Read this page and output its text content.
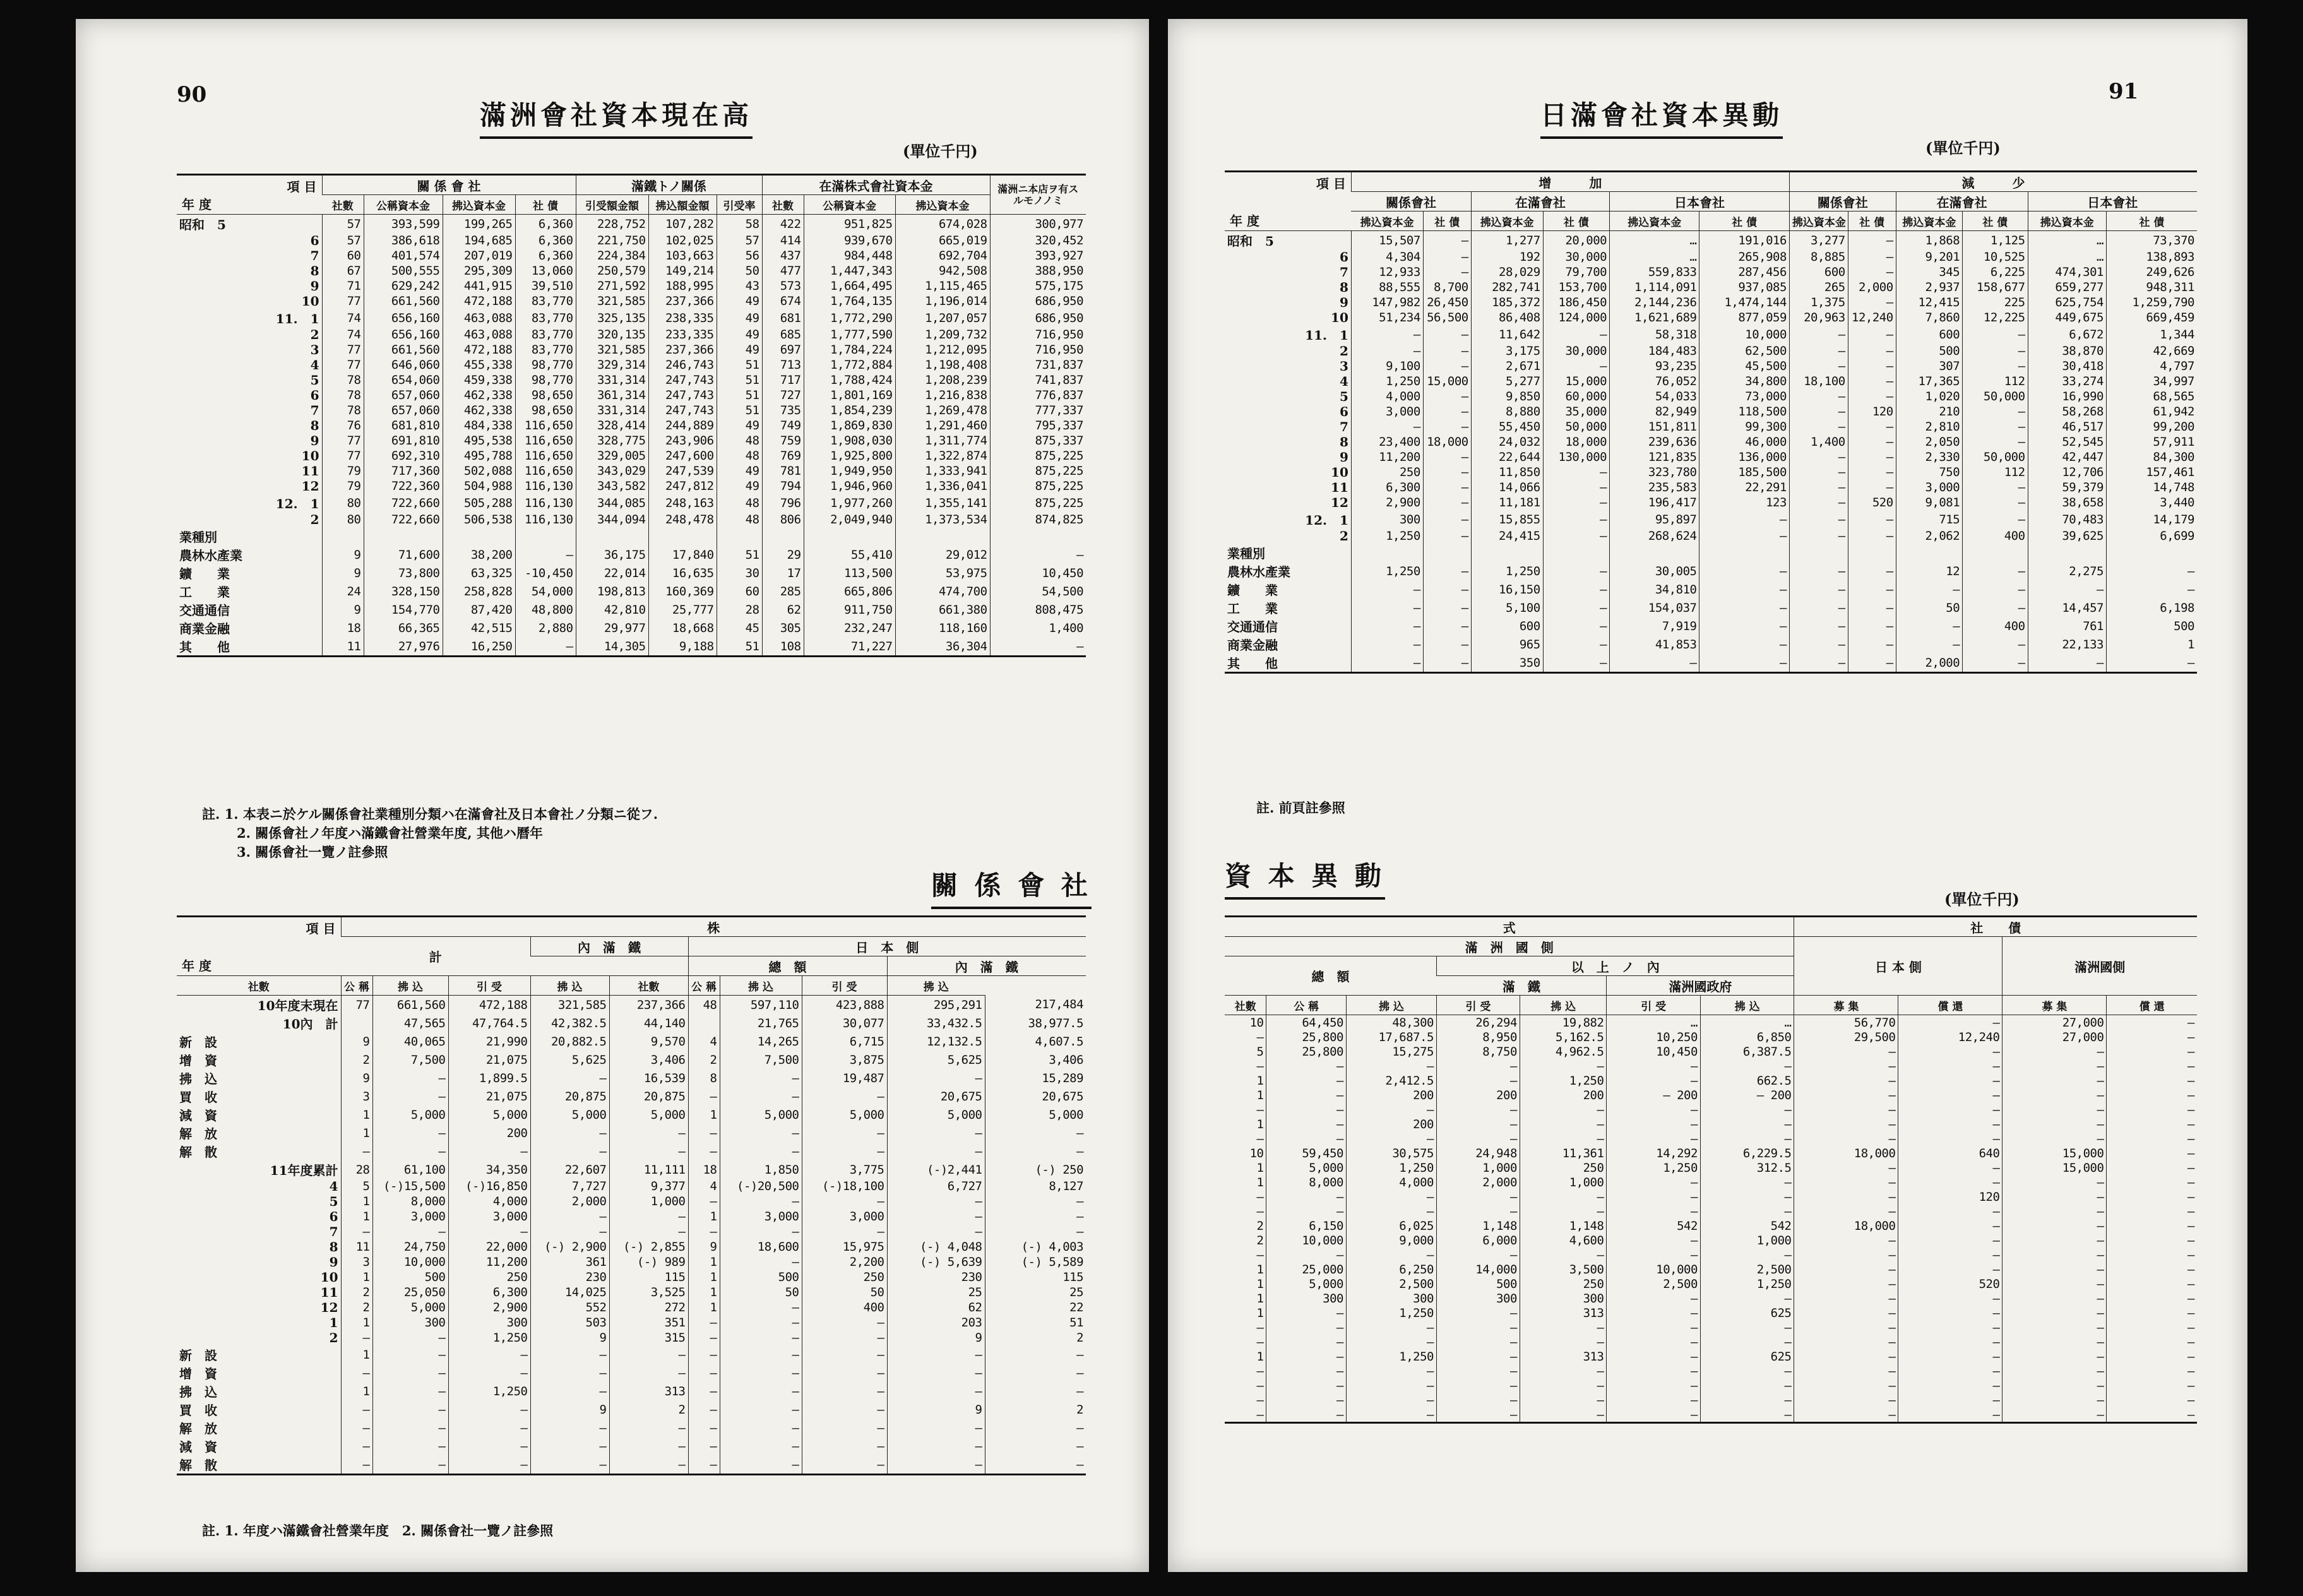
90
滿洲會社資本現在高
(單位千円)
項 目
年 度	關 係 會 社				滿鐵トノ關係			在滿株式會社資本金			滿洲ニ本店ヲ有スルモノノミ
	社數	公稱資本金	拂込資本金	社 債	引受額金額	拂込額金額	引受率	社數	公稱資本金	拂込資本金	
昭和　5	57	393,599	199,265	6,360	228,752	107,282	58	422	951,825	674,028	300,977
6	57	386,618	194,685	6,360	221,750	102,025	57	414	939,670	665,019	320,452
7	60	401,574	207,019	6,360	224,384	103,663	56	437	984,448	692,704	393,927
8	67	500,555	295,309	13,060	250,579	149,214	50	477	1,447,343	942,508	388,950
9	71	629,242	441,915	39,510	271,592	188,995	43	573	1,664,495	1,115,465	575,175
10	77	661,560	472,188	83,770	321,585	237,366	49	674	1,764,135	1,196,014	686,950
11.　1	74	656,160	463,088	83,770	325,135	238,335	49	681	1,772,290	1,207,057	686,950
2	74	656,160	463,088	83,770	320,135	233,335	49	685	1,777,590	1,209,732	716,950
3	77	661,560	472,188	83,770	321,585	237,366	49	697	1,784,224	1,212,095	716,950
4	77	646,060	455,338	98,770	329,314	246,743	51	713	1,772,884	1,198,408	731,837
5	78	654,060	459,338	98,770	331,314	247,743	51	717	1,788,424	1,208,239	741,837
6	78	657,060	462,338	98,650	361,314	247,743	51	727	1,801,169	1,216,838	776,837
7	78	657,060	462,338	98,650	331,314	247,743	51	735	1,854,239	1,269,478	777,337
8	76	681,810	484,338	116,650	328,414	244,889	49	749	1,869,830	1,291,460	795,337
9	77	691,810	495,538	116,650	328,775	243,906	48	759	1,908,030	1,311,774	875,337
10	77	692,310	495,788	116,650	329,005	247,600	48	769	1,925,800	1,322,874	875,225
11	79	717,360	502,088	116,650	343,029	247,539	49	781	1,949,950	1,333,941	875,225
12	79	722,360	504,988	116,130	343,582	247,812	49	794	1,946,960	1,336,041	875,225
12.　1	80	722,660	505,288	116,130	344,085	248,163	48	796	1,977,260	1,355,141	875,225
2	80	722,660	506,538	116,130	344,094	248,478	48	806	2,049,940	1,373,534	874,825
業種別											
農林水產業	9	71,600	38,200	—	36,175	17,840	51	29	55,410	29,012	—
鑛　　業	9	73,800	63,325	-10,450	22,014	16,635	30	17	113,500	53,975	10,450
工　　業	24	328,150	258,828	54,000	198,813	160,369	60	285	665,806	474,700	54,500
交通通信	9	154,770	87,420	48,800	42,810	25,777	28	62	911,750	661,380	808,475
商業金融	18	66,365	42,515	2,880	29,977	18,668	45	305	232,247	118,160	1,400
其　　他	11	27,976	16,250	—	14,305	9,188	51	108	71,227	36,304	—
註. 1. 本表ニ於ケル關係會社業種別分類ハ在滿會社及日本會社ノ分類ニ從フ.
2. 關係會社ノ年度ハ滿鐵會社營業年度, 其他ハ曆年
3. 關係會社一覽ノ註參照
關 係 會 社
項 目
年 度	株									
	計			內　滿　鐵		日　本　側				
						總　額			內　滿　鐵	
社數	公 稱	拂 込	引 受	拂 込	社數	公 稱	拂 込	引 受	拂 込	
10年度末現在	77	661,560	472,188	321,585	237,366	48	597,110	423,888	295,291	217,484
10內　計		47,565	47,764.5	42,382.5	44,140		21,765	30,077	33,432.5	38,977.5
新　設	9	40,065	21,990	20,882.5	9,570	4	14,265	6,715	12,132.5	4,607.5
增　資	2	7,500	21,075	5,625	3,406	2	7,500	3,875	5,625	3,406
拂　込	9	—	1,899.5	—	16,539	8	—	19,487	—	15,289
買　收	3	—	21,075	20,875	20,875	—	—	—	20,675	20,675
減　資	1	5,000	5,000	5,000	5,000	1	5,000	5,000	5,000	5,000
解　放	1	—	200	—	—	—	—	—	—	—
解　散	—	—	—	—	—	—	—	—	—	—
11年度累計	28	61,100	34,350	22,607	11,111	18	1,850	3,775	(-)2,441	(-) 250
4	5	(-)15,500	(-)16,850	7,727	9,377	4	(-)20,500	(-)18,100	6,727	8,127
5	1	8,000	4,000	2,000	1,000	—	—	—	—	—
6	1	3,000	3,000	—	—	1	3,000	3,000	—	—
7	—	—	—	—	—	—	—	—	—	—
8	11	24,750	22,000	(-) 2,900	(-) 2,855	9	18,600	15,975	(-) 4,048	(-) 4,003
9	3	10,000	11,200	361	(-) 989	1	—	2,200	(-) 5,639	(-) 5,589
10	1	500	250	230	115	1	500	250	230	115
11	2	25,050	6,300	14,025	3,525	1	50	50	25	25
12	2	5,000	2,900	552	272	1	—	400	62	22
1	1	300	300	503	351	—	—	—	203	51
2	—	—	1,250	9	315	—	—	—	9	2
新　設	1	—	—	—	—	—	—	—	—	—
增　資	—	—	—	—	—	—	—	—	—	—
拂　込	1	—	1,250	—	313	—	—	—	—	—
買　收	—	—	—	9	2	—	—	—	9	2
解　放	—	—	—	—	—	—	—	—	—	—
減　資	—	—	—	—	—	—	—	—	—	—
解　散	—	—	—	—	—	—	—	—	—	—
註. 1. 年度ハ滿鐵會社營業年度　2. 關係會社一覽ノ註參照
91
日滿會社資本異動
(單位千円)
項 目
年 度	增　　　加						減　　　少					
	關係會社		在滿會社		日本會社		關係會社		在滿會社		日本會社	
	拂込資本金	社 債	拂込資本金	社 債	拂込資本金	社 債	拂込資本金	社 債	拂込資本金	社 債	拂込資本金	社 債
昭和　5	15,507	—	1,277	20,000	…	191,016	3,277	—	1,868	1,125	…	73,370
6	4,304	—	192	30,000	…	265,908	8,885	—	9,201	10,525	…	138,893
7	12,933	—	28,029	79,700	559,833	287,456	600	—	345	6,225	474,301	249,626
8	88,555	8,700	282,741	153,700	1,114,091	937,085	265	2,000	2,937	158,677	659,277	948,311
9	147,982	26,450	185,372	186,450	2,144,236	1,474,144	1,375	—	12,415	225	625,754	1,259,790
10	51,234	56,500	86,408	124,000	1,621,689	877,059	20,963	12,240	7,860	12,225	449,675	669,459
11.　1	—	—	11,642	—	58,318	10,000	—	—	600	—	6,672	1,344
2	—	—	3,175	30,000	184,483	62,500	—	—	500	—	38,870	42,669
3	9,100	—	2,671	—	93,235	45,500	—	—	307	—	30,418	4,797
4	1,250	15,000	5,277	15,000	76,052	34,800	18,100	—	17,365	112	33,274	34,997
5	4,000	—	9,850	60,000	54,033	73,000	—	—	1,020	50,000	16,990	68,565
6	3,000	—	8,880	35,000	82,949	118,500	—	120	210	—	58,268	61,942
7	—	—	55,450	50,000	151,811	99,300	—	—	2,810	—	46,517	99,200
8	23,400	18,000	24,032	18,000	239,636	46,000	1,400	—	2,050	—	52,545	57,911
9	11,200	—	22,644	130,000	121,835	136,000	—	—	2,330	50,000	42,447	84,300
10	250	—	11,850	—	323,780	185,500	—	—	750	112	12,706	157,461
11	6,300	—	14,066	—	235,583	22,291	—	—	3,000	—	59,379	14,748
12	2,900	—	11,181	—	196,417	123	—	520	9,081	—	38,658	3,440
12.　1	300	—	15,855	—	95,897	—	—	—	715	—	70,483	14,179
2	1,250	—	24,415	—	268,624	—	—	—	2,062	400	39,625	6,699
業種別												
農林水產業	1,250	—	1,250	—	30,005	—	—	—	12	—	2,275	—
鑛　　業	—	—	16,150	—	34,810	—	—	—	—	—	—	—
工　　業	—	—	5,100	—	154,037	—	—	—	50	—	14,457	6,198
交通通信	—	—	600	—	7,919	—	—	—	—	400	761	500
商業金融	—	—	965	—	41,853	—	—	—	—	—	22,133	1
其　　他	—	—	350	—	—	—	—	—	2,000	—	—	—
註. 前頁註參照
資 本 異 動
(單位千円)
式							社　　債			
滿　洲　國　側							日 本 側		滿洲國側	
總　額			以　上　ノ　內							
			滿　鐵		滿洲國政府					
社數	公 稱	拂 込	引 受	拂 込	引 受	拂 込	募 集	償 還	募 集	償 還
10	64,450	48,300	26,294	19,882	…	…	56,770	—	27,000	—
—	25,800	17,687.5	8,950	5,162.5	10,250	6,850	29,500	12,240	27,000	—
5	25,800	15,275	8,750	4,962.5	10,450	6,387.5	—	—	—	—
—	—	—	—	—	—	—	—	—	—	—
1	—	2,412.5	—	1,250	—	662.5	—	—	—	—
1	—	200	200	200	— 200	— 200	—	—	—	—
—	—	—	—	—	—	—	—	—	—	—
1	—	200	—	—	—	—	—	—	—	—
—	—	—	—	—	—	—	—	—	—	—
10	59,450	30,575	24,948	11,361	14,292	6,229.5	18,000	640	15,000	—
1	5,000	1,250	1,000	250	1,250	312.5	—	—	15,000	—
1	8,000	4,000	2,000	1,000	—	—	—	—	—	—
—	—	—	—	—	—	—	—	120	—	—
—	—	—	—	—	—	—	—	—	—	—
2	6,150	6,025	1,148	1,148	542	542	18,000	—	—	—
2	10,000	9,000	6,000	4,600	—	1,000	—	—	—	—
—	—	—	—	—	—	—	—	—	—	—
1	25,000	6,250	14,000	3,500	10,000	2,500	—	—	—	—
1	5,000	2,500	500	250	2,500	1,250	—	520	—	—
1	300	300	300	300	—	—	—	—	—	—
1	—	1,250	—	313	—	625	—	—	—	—
—	—	—	—	—	—	—	—	—	—	—
—	—	—	—	—	—	—	—	—	—	—
1	—	1,250	—	313	—	625	—	—	—	—
—	—	—	—	—	—	—	—	—	—	—
—	—	—	—	—	—	—	—	—	—	—
—	—	—	—	—	—	—	—	—	—	—
—	—	—	—	—	—	—	—	—	—	—
